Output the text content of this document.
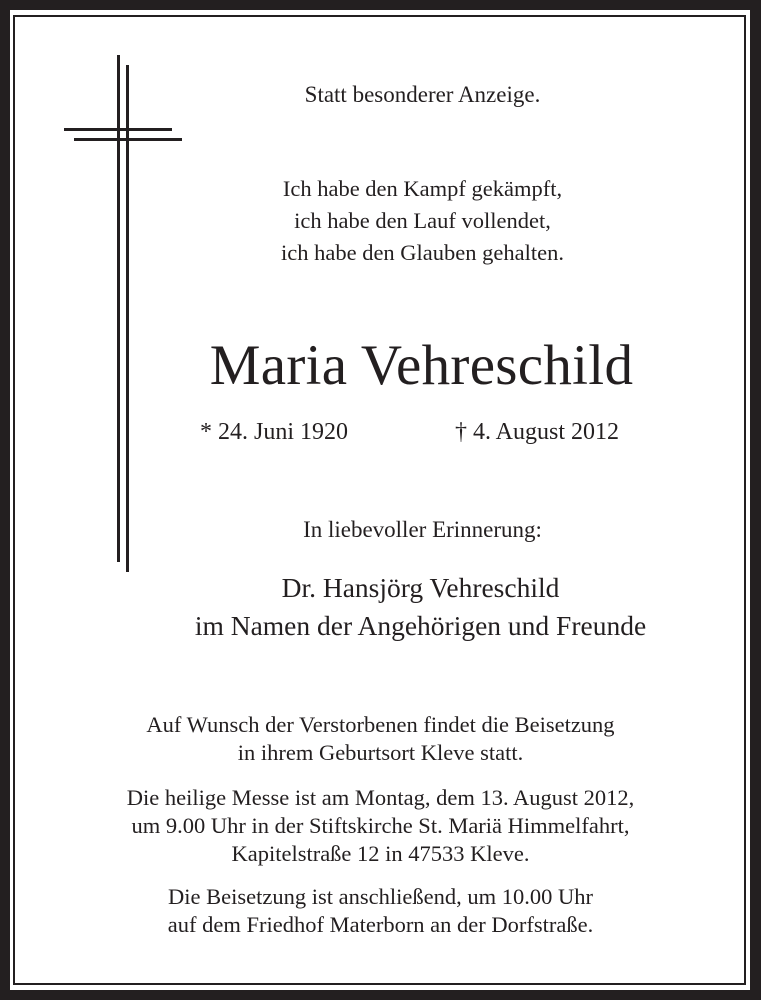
Statt besonderer Anzeige.
Ich habe den Kampf gekämpft,
ich habe den Lauf vollendet,
ich habe den Glauben gehalten.
Maria Vehreschild
* 24. Juni 1920	† 4. August 2012
In liebevoller Erinnerung:
Dr. Hansjörg Vehreschild
im Namen der Angehörigen und Freunde
Auf Wunsch der Verstorbenen findet die Beisetzung
in ihrem Geburtsort Kleve statt.
Die heilige Messe ist am Montag, dem 13. August 2012,
um 9.00 Uhr in der Stiftskirche St. Mariä Himmelfahrt,
Kapitelstraße 12 in 47533 Kleve.
Die Beisetzung ist anschließend, um 10.00 Uhr
auf dem Friedhof Materborn an der Dorfstraße.
